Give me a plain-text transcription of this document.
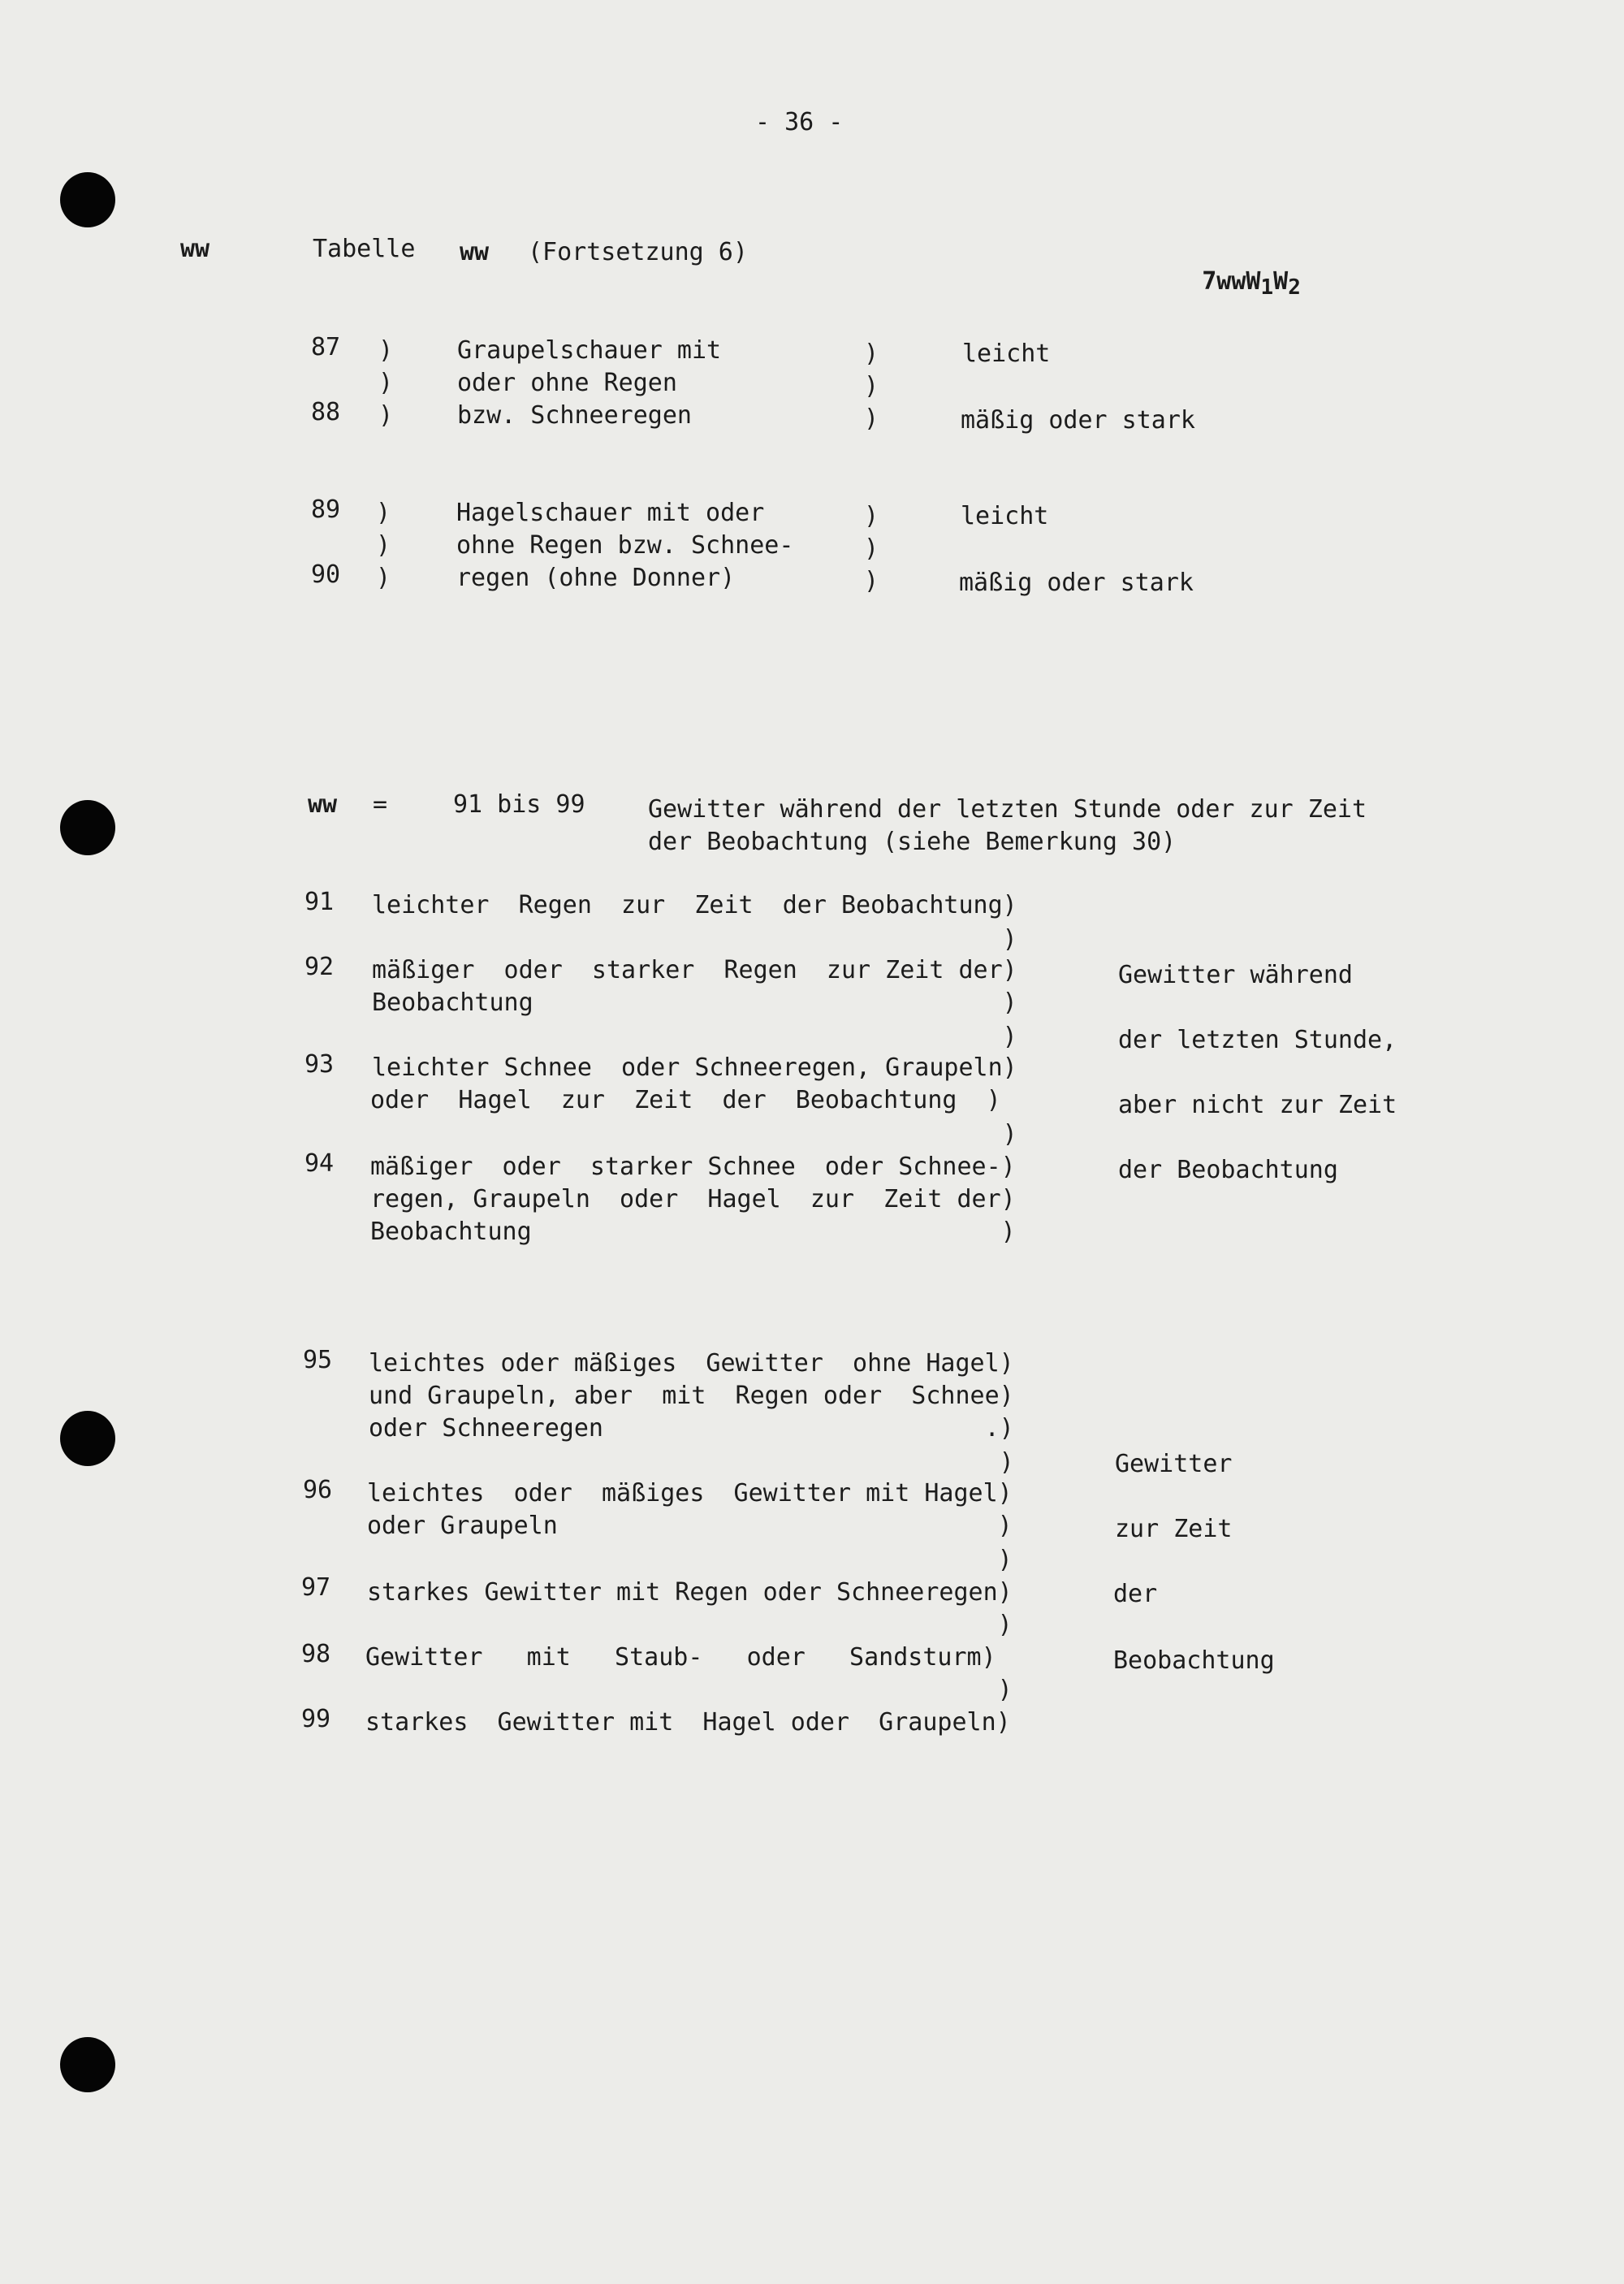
- 36 -
ww	Tabelle ww (Fortsetzung 6)

$7wwW_1W_2$

87 )	Graupelschauer mit	)	leicht
)	oder ohne Regen	)
88 )	bzw. Schneeregen	)	mäßig oder stark
89 )	Hagelschauer mit oder	)	leicht
)	ohne Regen bzw. Schnee-	)
90 )	regen (ohne Donner)	)	mäßig oder stark
ww =	91 bis 99	Gewitter während der letzten Stunde oder zur Zeit
der Beobachtung (siehe Bemerkung 30)
91 leichter  Regen  zur  Zeit  der Beobachtung)
)
92 mäßiger  oder  starker  Regen  zur Zeit der)	Gewitter während
Beobachtung                                )
)	der letzten Stunde,
93 leichter Schnee  oder Schneeregen, Graupeln)
oder  Hagel  zur  Zeit  der  Beobachtung  )	aber nicht zur Zeit
)
94 mäßiger  oder  starker Schnee  oder Schnee-)	der Beobachtung
regen, Graupeln  oder  Hagel  zur  Zeit der)
Beobachtung                                )
95 leichtes oder mäßiges  Gewitter  ohne Hagel)
und Graupeln, aber  mit  Regen oder  Schnee)
oder Schneeregen                          .)
)	Gewitter
96 leichtes  oder  mäßiges  Gewitter mit Hagel)
oder Graupeln                              )	zur Zeit
)
97 starkes Gewitter mit Regen oder Schneeregen)	der
)
98 Gewitter   mit   Staub-   oder   Sandsturm)	Beobachtung
)
99 starkes  Gewitter mit  Hagel oder  Graupeln)
